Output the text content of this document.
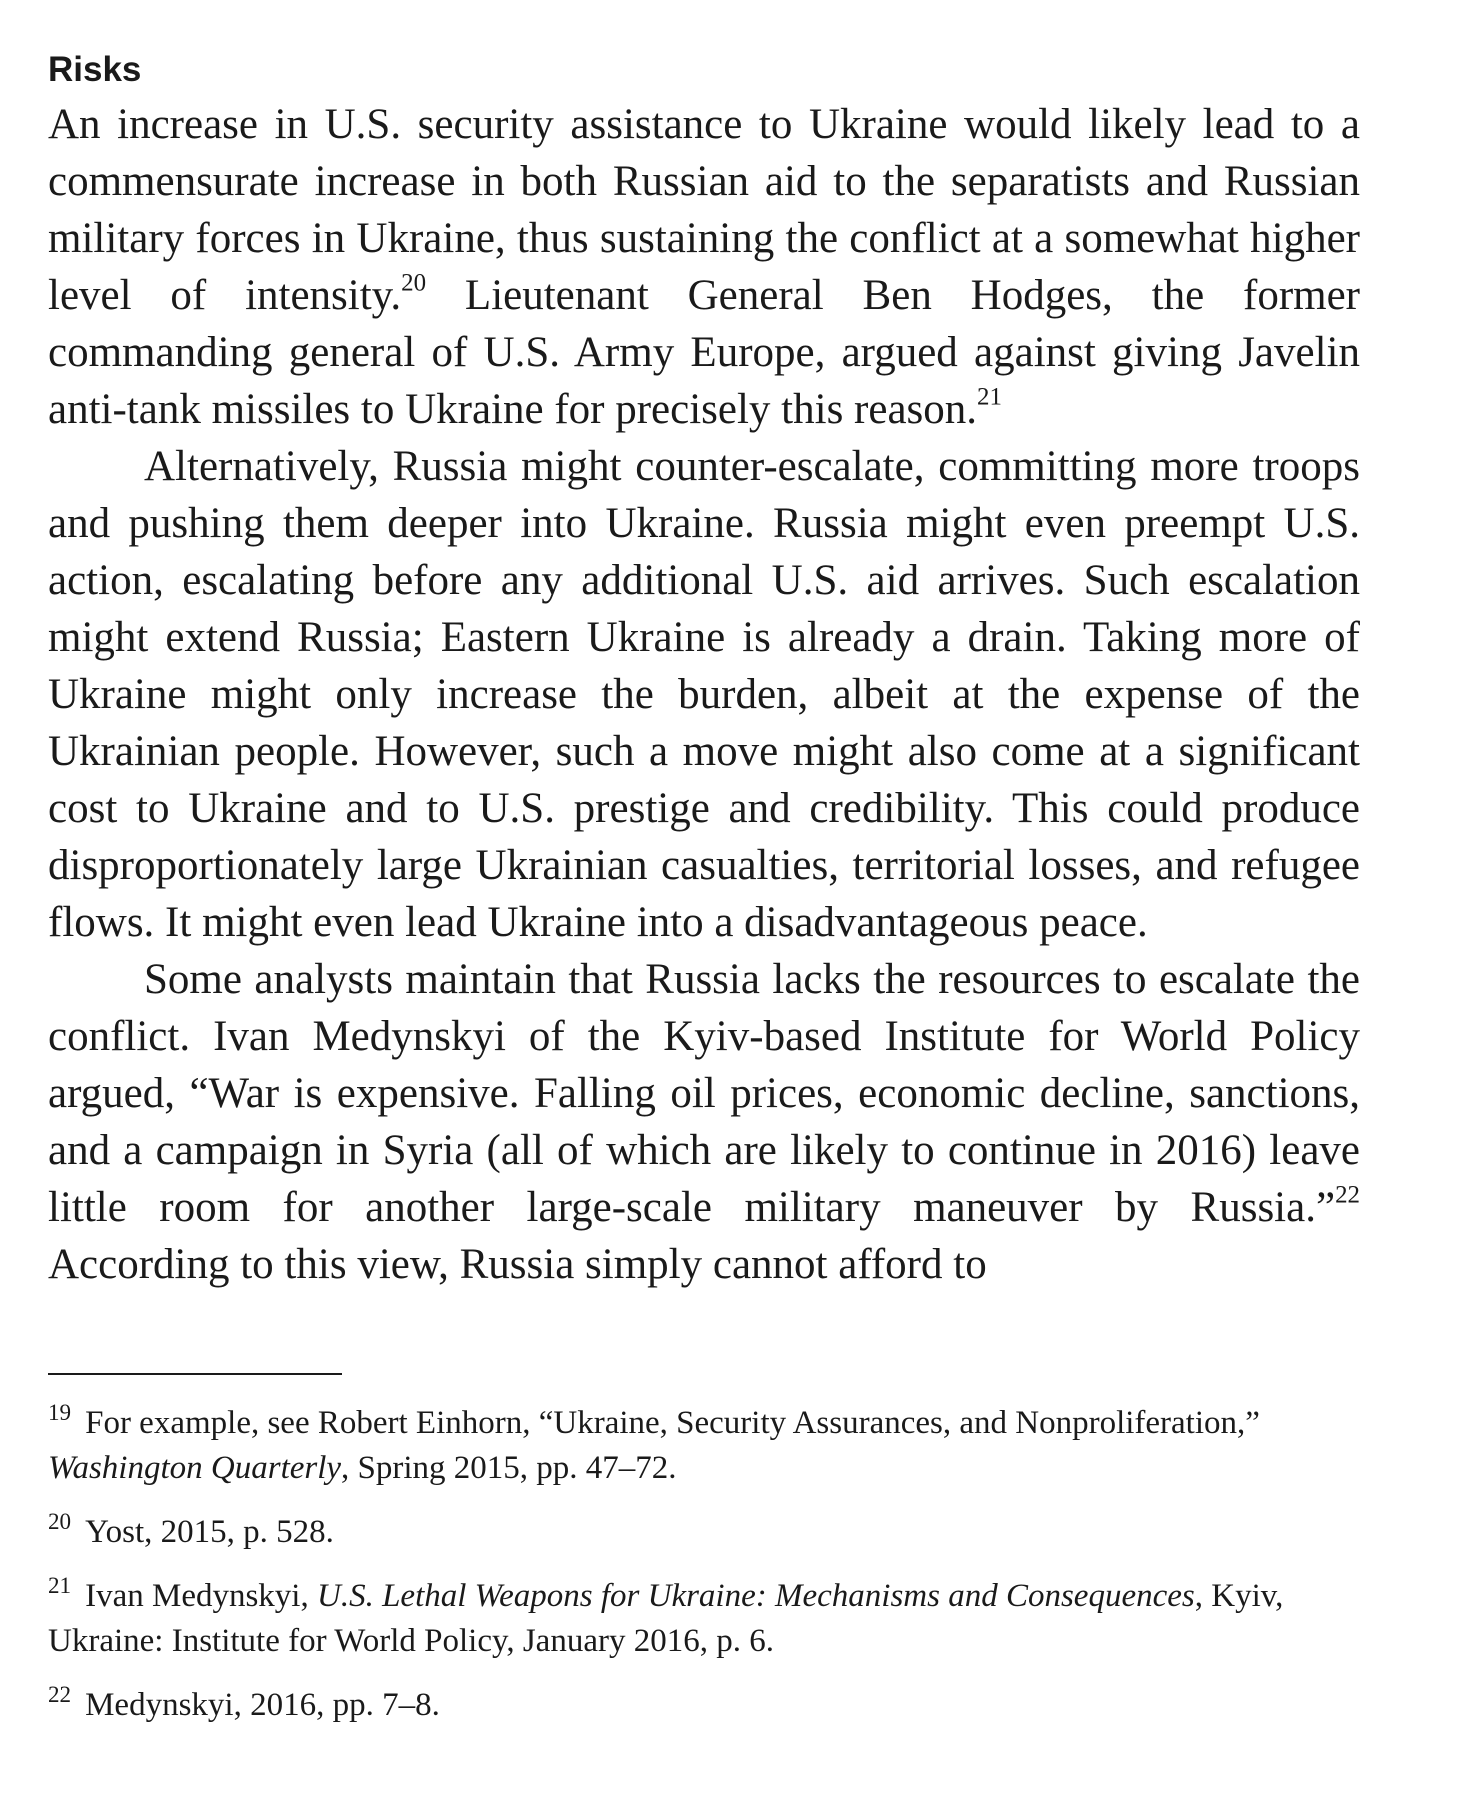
Risks

An increase in U.S. security assistance to Ukraine would likely lead to a commensurate increase in both Russian aid to the separatists and Russian military forces in Ukraine, thus sustaining the conflict at a somewhat higher level of intensity.$^{20}$ Lieutenant General Ben Hodges, the former commanding general of U.S. Army Europe, argued against giving Javelin anti-tank missiles to Ukraine for precisely this reason.$^{21}$

Alternatively, Russia might counter-escalate, committing more troops and pushing them deeper into Ukraine. Russia might even preempt U.S. action, escalating before any additional U.S. aid arrives. Such escalation might extend Russia; Eastern Ukraine is already a drain. Taking more of Ukraine might only increase the burden, albeit at the expense of the Ukrainian people. However, such a move might also come at a significant cost to Ukraine and to U.S. prestige and credibility. This could produce disproportionately large Ukrainian casualties, territorial losses, and refugee flows. It might even lead Ukraine into a disadvantageous peace.

Some analysts maintain that Russia lacks the resources to escalate the conflict. Ivan Medynskyi of the Kyiv-based Institute for World Policy argued, “War is expensive. Falling oil prices, economic decline, sanctions, and a campaign in Syria (all of which are likely to continue in 2016) leave little room for another large-scale military maneuver by Russia.”$^{22}$ According to this view, Russia simply cannot afford to

$^{19}$ For example, see Robert Einhorn, “Ukraine, Security Assurances, and Nonproliferation,” Washington Quarterly, Spring 2015, pp. 47–72.

$^{20}$ Yost, 2015, p. 528.

$^{21}$ Ivan Medynskyi, U.S. Lethal Weapons for Ukraine: Mechanisms and Consequences, Kyiv, Ukraine: Institute for World Policy, January 2016, p. 6.

$^{22}$ Medynskyi, 2016, pp. 7–8.
